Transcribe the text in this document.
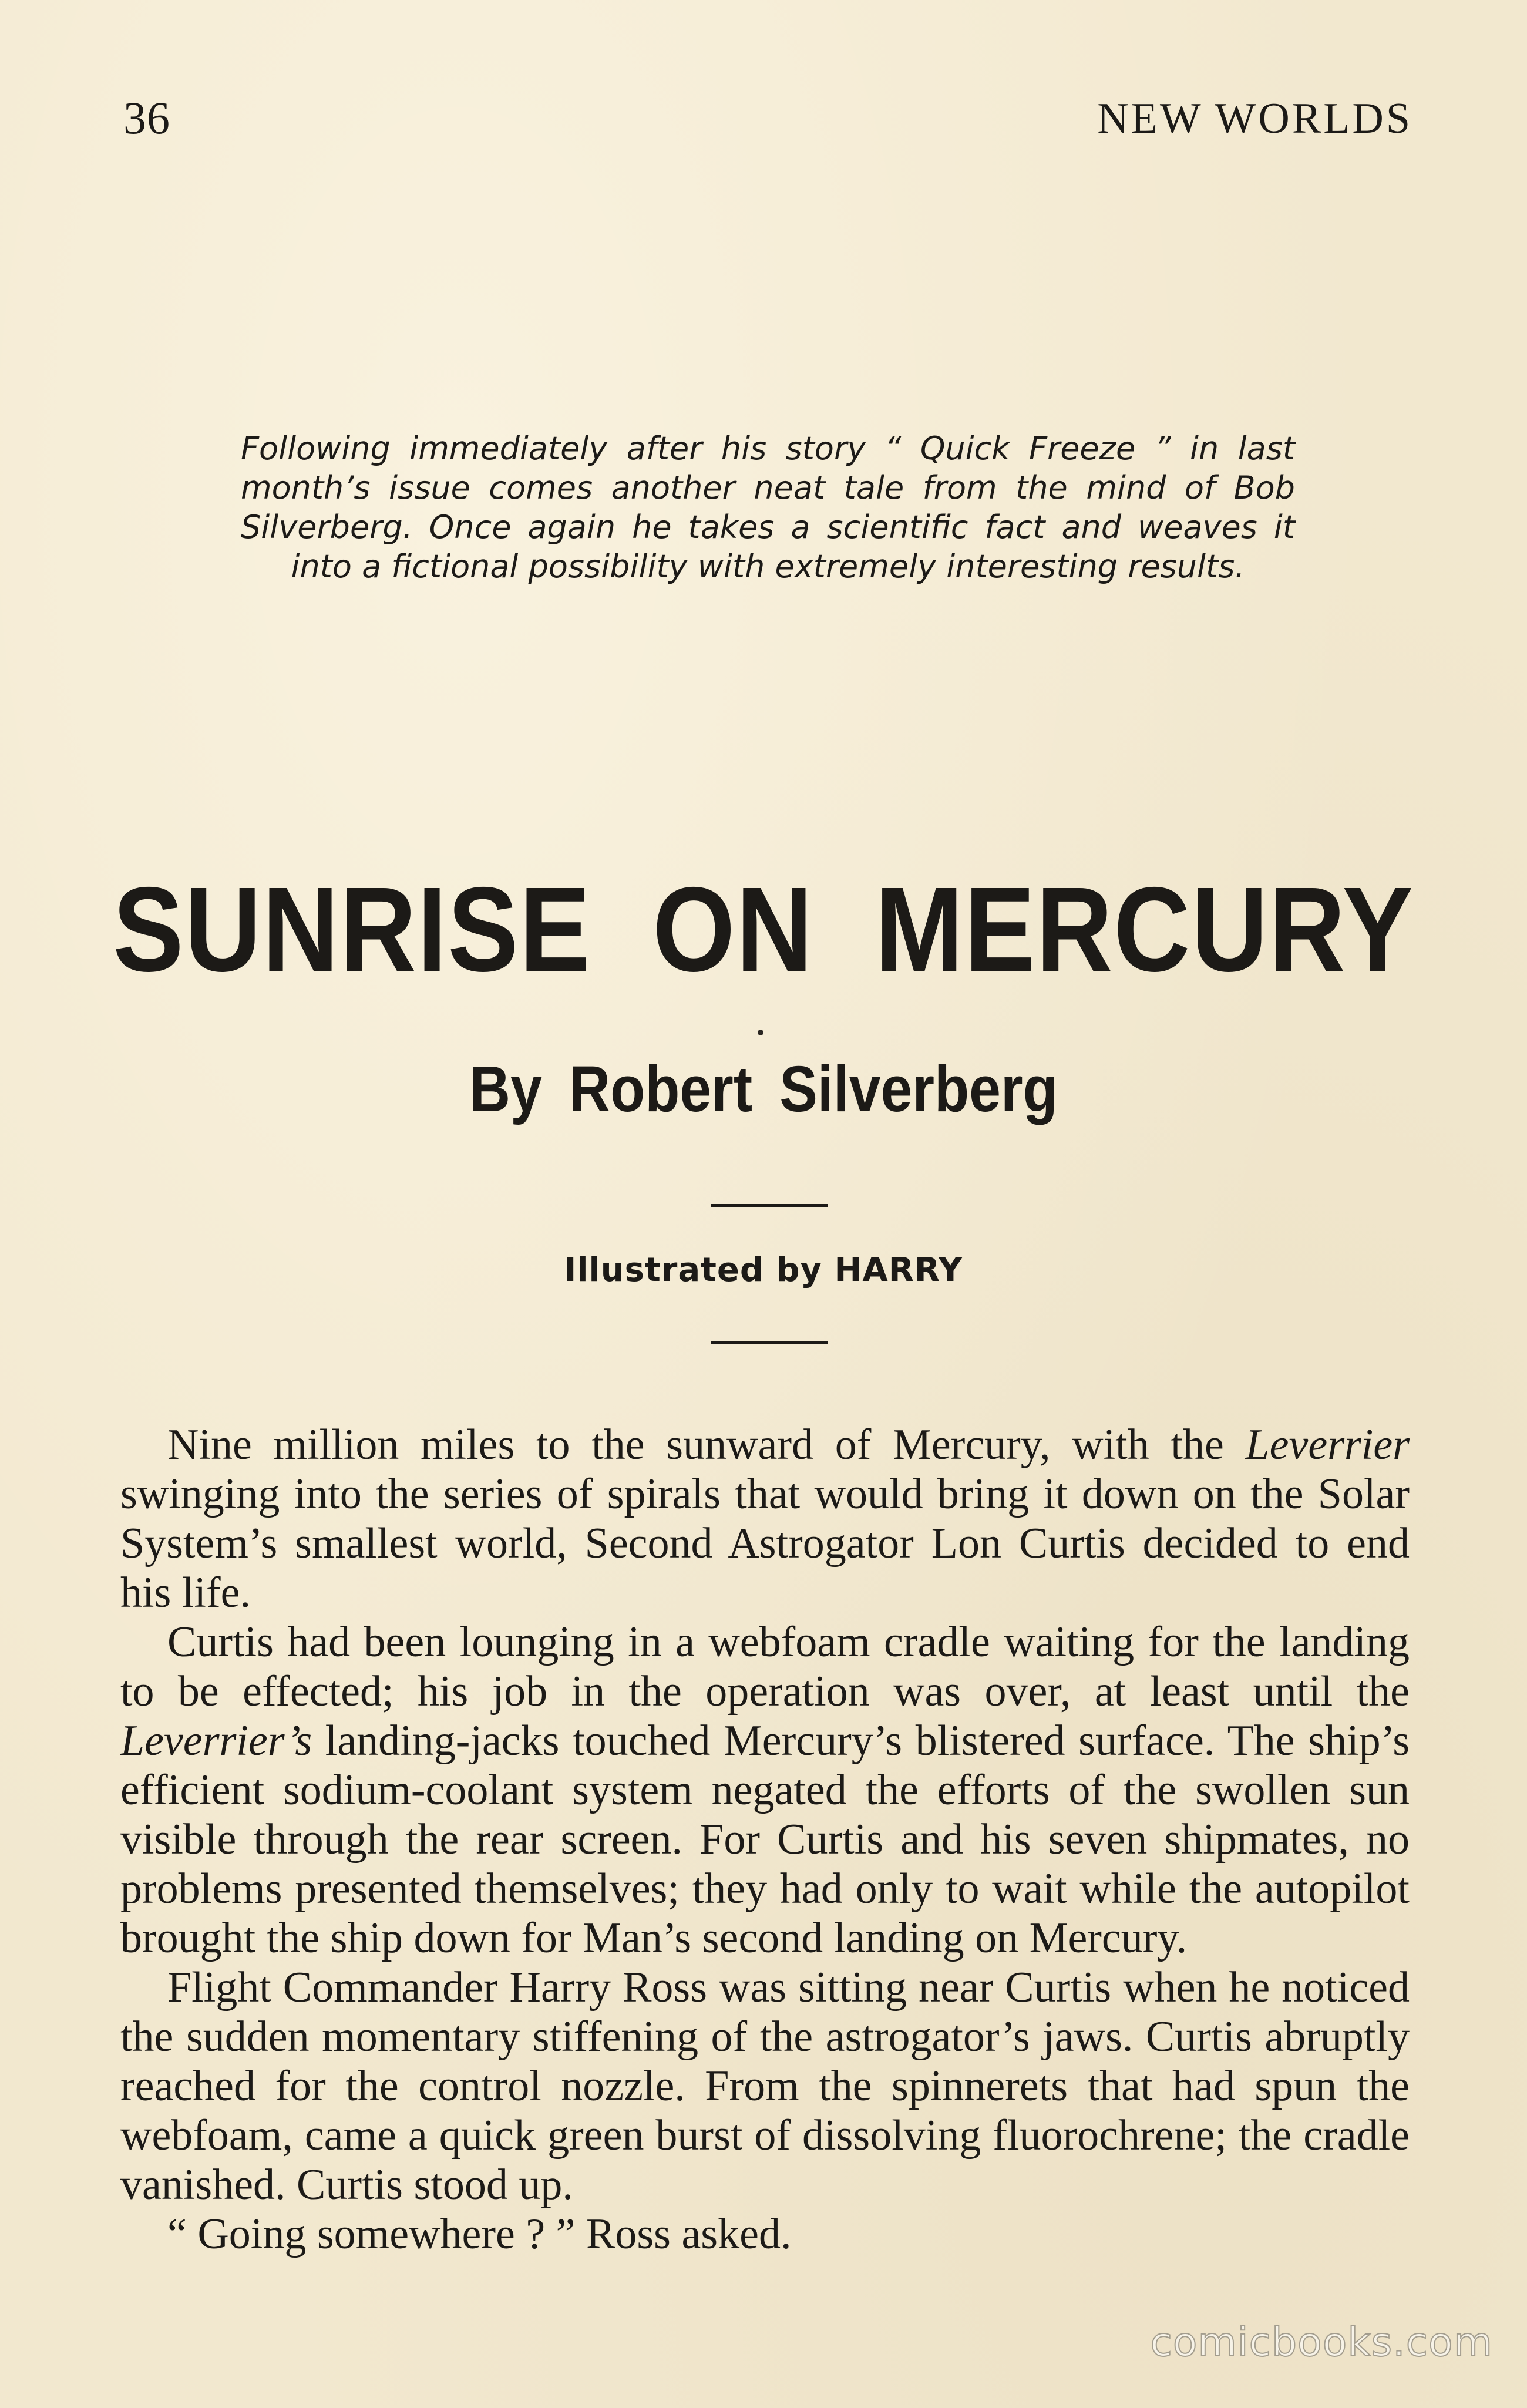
36	NEW WORLDS

Following immediately after his story “ Quick Freeze ” in last month’s issue comes another neat tale from the mind of Bob Silverberg. Once again he takes a scientific fact and weaves it into a fictional possibility with extremely interesting results.

SUNRISE ON MERCURY
By Robert Silverberg
Illustrated by HARRY

Nine million miles to the sunward of Mercury, with the Leverrier swinging into the series of spirals that would bring it down on the Solar System’s smallest world, Second Astrogator Lon Curtis decided to end his life.

Curtis had been lounging in a webfoam cradle waiting for the landing to be effected; his job in the operation was over, at least until the Leverrier’s landing-jacks touched Mercury’s blistered surface. The ship’s efficient sodium-coolant system negated the efforts of the swollen sun visible through the rear screen. For Curtis and his seven shipmates, no problems presented themselves; they had only to wait while the autopilot brought the ship down for Man’s second landing on Mercury.

Flight Commander Harry Ross was sitting near Curtis when he noticed the sudden momentary stiffening of the astrogator’s jaws. Curtis abruptly reached for the control nozzle. From the spinnerets that had spun the webfoam, came a quick green burst of dissolving fluorochrene; the cradle vanished. Curtis stood up.

“ Going somewhere ? ” Ross asked.

comicbooks.com
